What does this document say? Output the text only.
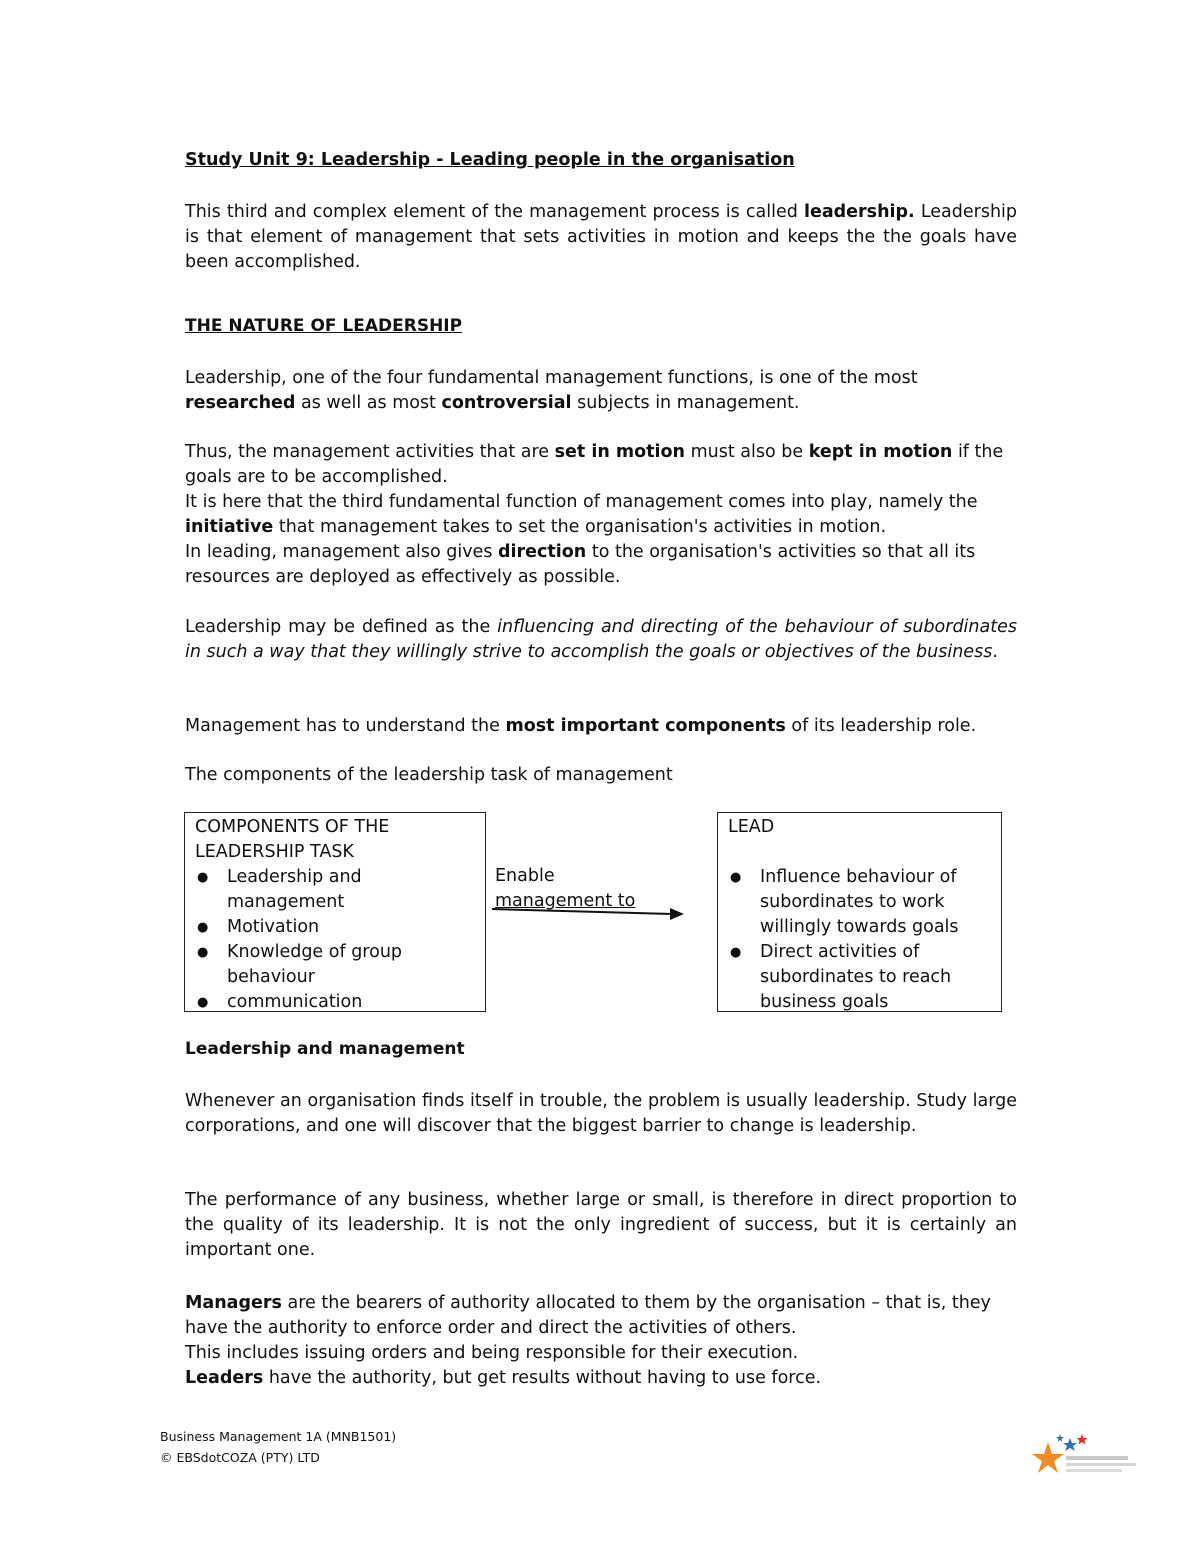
Study Unit 9: Leadership - Leading people in the organisation

This third and complex element of the management process is called leadership. Leadership is that element of management that sets activities in motion and keeps the the goals have been accomplished.

THE NATURE OF LEADERSHIP

Leadership, one of the four fundamental management functions, is one of the most researched as well as most controversial subjects in management.

Thus, the management activities that are set in motion must also be kept in motion if the goals are to be accomplished.
It is here that the third fundamental function of management comes into play, namely the initiative that management takes to set the organisation's activities in motion.
In leading, management also gives direction to the organisation's activities so that all its resources are deployed as effectively as possible.

Leadership may be defined as the influencing and directing of the behaviour of subordinates in such a way that they willingly strive to accomplish the goals or objectives of the business.

Management has to understand the most important components of its leadership role.

The components of the leadership task of management

COMPONENTS OF THE LEADERSHIP TASK
● Leadership and management
● Motivation
● Knowledge of group behaviour
● communication
Enable
management to
LEAD
● Influence behaviour of subordinates to work willingly towards goals
● Direct activities of subordinates to reach business goals

Leadership and management

Whenever an organisation finds itself in trouble, the problem is usually leadership. Study large corporations, and one will discover that the biggest barrier to change is leadership.

The performance of any business, whether large or small, is therefore in direct proportion to the quality of its leadership. It is not the only ingredient of success, but it is certainly an important one.

Managers are the bearers of authority allocated to them by the organisation – that is, they have the authority to enforce order and direct the activities of others.
This includes issuing orders and being responsible for their execution.
Leaders have the authority, but get results without having to use force.

Business Management 1A (MNB1501)
© EBSdotCOZA (PTY) LTD
